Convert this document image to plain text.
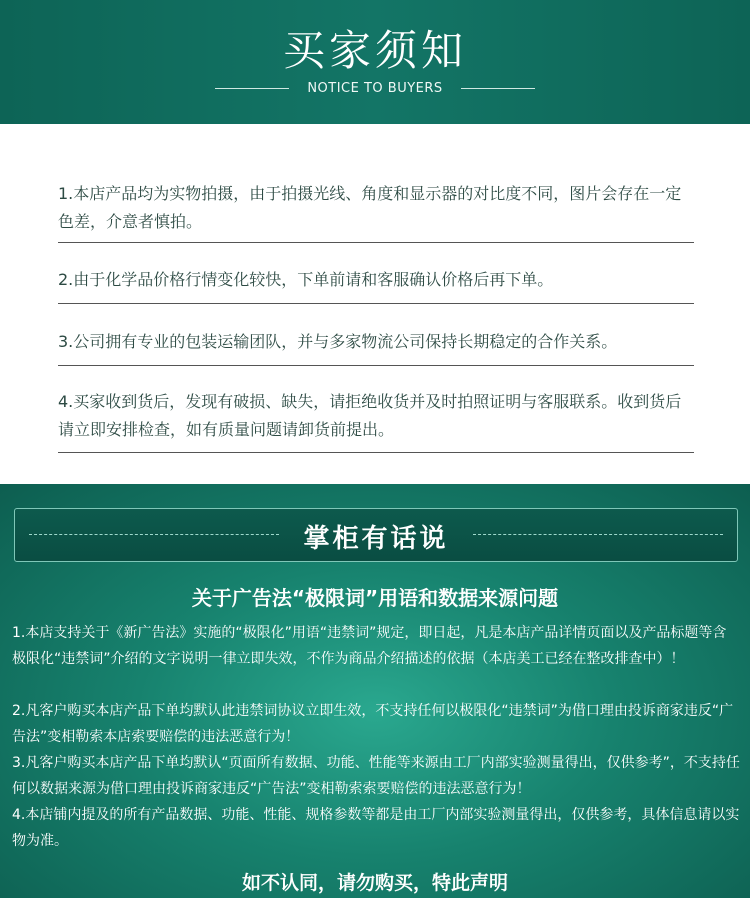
买家须知
NOTICE TO BUYERS
1.本店产品均为实物拍摄，由于拍摄光线、角度和显示器的对比度不同，图片会存在一定色差，介意者慎拍。
2.由于化学品价格行情变化较快，下单前请和客服确认价格后再下单。
3.公司拥有专业的包装运输团队，并与多家物流公司保持长期稳定的合作关系。
4.买家收到货后，发现有破损、缺失，请拒绝收货并及时拍照证明与客服联系。收到货后请立即安排检查，如有质量问题请卸货前提出。
掌柜有话说
关于广告法“极限词”用语和数据来源问题
1.本店支持关于《新广告法》实施的“极限化”用语“违禁词”规定，即日起，凡是本店产品详情页面以及产品标题等含极限化“违禁词”介绍的文字说明一律立即失效，不作为商品介绍描述的依据（本店美工已经在整改排查中）！
2.凡客户购买本店产品下单均默认此违禁词协议立即生效，不支持任何以极限化“违禁词”为借口理由投诉商家违反“广告法”变相勒索本店索要赔偿的违法恶意行为！
3.凡客户购买本店产品下单均默认“页面所有数据、功能、性能等来源由工厂内部实验测量得出，仅供参考”，不支持任何以数据来源为借口理由投诉商家违反“广告法”变相勒索索要赔偿的违法恶意行为！
4.本店铺内提及的所有产品数据、功能、性能、规格参数等都是由工厂内部实验测量得出，仅供参考，具体信息请以实物为准。
如不认同，请勿购买，特此声明
